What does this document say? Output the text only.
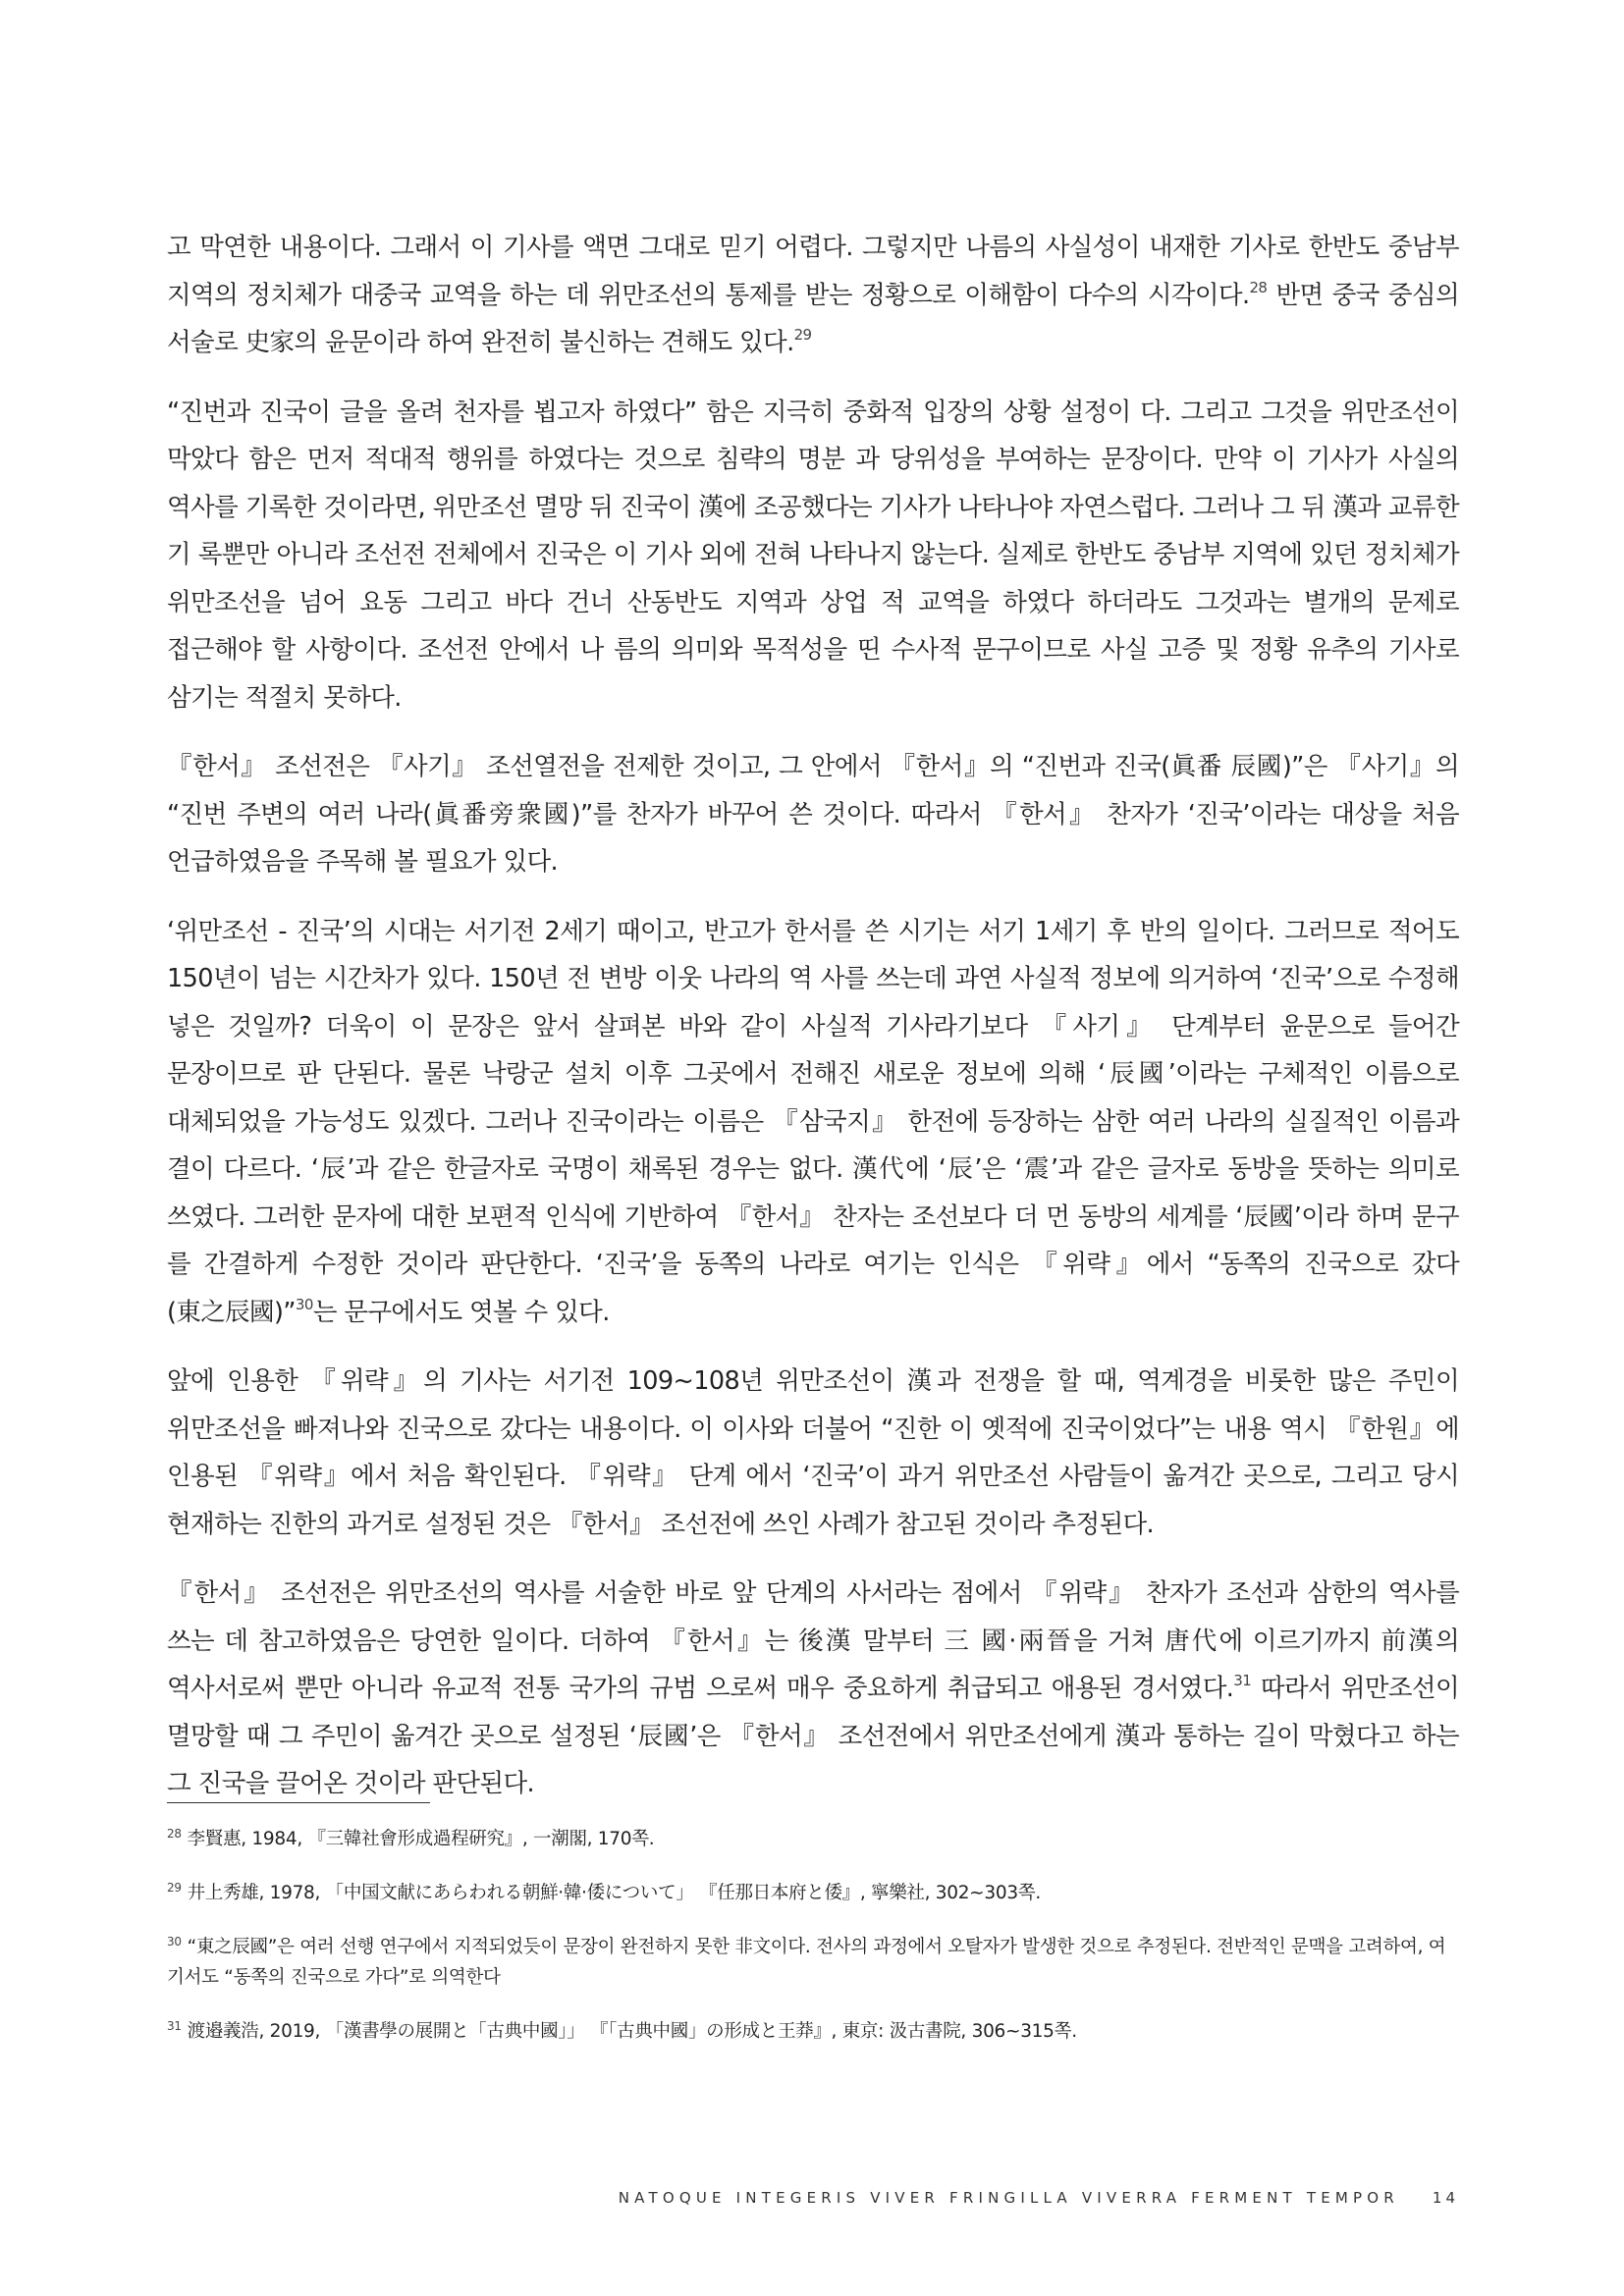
고 막연한 내용이다. 그래서 이 기사를 액면 그대로 믿기 어렵다. 그렇지만 나름의 사실성이 내재한 기사로 한반도 중남부 지역의 정치체가 대중국 교역을 하는 데 위만조선의 통제를 받는 정황으로 이해함이 다수의 시각이다.$^{28}$ 반면 중국 중심의 서술로 史家의 윤문이라 하여 완전히 불신하는 견해도 있다.$^{29}$

“진번과 진국이 글을 올려 천자를 뵙고자 하였다” 함은 지극히 중화적 입장의 상황 설정이 다. 그리고 그것을 위만조선이 막았다 함은 먼저 적대적 행위를 하였다는 것으로 침략의 명분 과 당위성을 부여하는 문장이다. 만약 이 기사가 사실의 역사를 기록한 것이라면, 위만조선 멸망 뒤 진국이 漢에 조공했다는 기사가 나타나야 자연스럽다. 그러나 그 뒤 漢과 교류한 기 록뿐만 아니라 조선전 전체에서 진국은 이 기사 외에 전혀 나타나지 않는다. 실제로 한반도 중남부 지역에 있던 정치체가 위만조선을 넘어 요동 그리고 바다 건너 산동반도 지역과 상업 적 교역을 하였다 하더라도 그것과는 별개의 문제로 접근해야 할 사항이다. 조선전 안에서 나 름의 의미와 목적성을 띤 수사적 문구이므로 사실 고증 및 정황 유추의 기사로 삼기는 적절치 못하다.

『한서』 조선전은 『사기』 조선열전을 전제한 것이고, 그 안에서 『한서』의 “진번과 진국(眞番 辰國)”은 『사기』의 “진번 주변의 여러 나라(眞番旁衆國)”를 찬자가 바꾸어 쓴 것이다. 따라서 『한서』 찬자가 ‘진국’이라는 대상을 처음 언급하였음을 주목해 볼 필요가 있다.

‘위만조선 - 진국’의 시대는 서기전 2세기 때이고, 반고가 한서를 쓴 시기는 서기 1세기 후 반의 일이다. 그러므로 적어도 150년이 넘는 시간차가 있다. 150년 전 변방 이웃 나라의 역 사를 쓰는데 과연 사실적 정보에 의거하여 ‘진국’으로 수정해 넣은 것일까? 더욱이 이 문장은 앞서 살펴본 바와 같이 사실적 기사라기보다 『사기』 단계부터 윤문으로 들어간 문장이므로 판 단된다. 물론 낙랑군 설치 이후 그곳에서 전해진 새로운 정보에 의해 ‘辰國’이라는 구체적인 이름으로 대체되었을 가능성도 있겠다. 그러나 진국이라는 이름은 『삼국지』 한전에 등장하는 삼한 여러 나라의 실질적인 이름과 결이 다르다. ‘辰’과 같은 한글자로 국명이 채록된 경우는 없다. 漢代에 ‘辰’은 ‘震’과 같은 글자로 동방을 뜻하는 의미로 쓰였다. 그러한 문자에 대한 보편적 인식에 기반하여 『한서』 찬자는 조선보다 더 먼 동방의 세계를 ‘辰國’이라 하며 문구 를 간결하게 수정한 것이라 판단한다. ‘진국’을 동쪽의 나라로 여기는 인식은 『위략』에서 “동쪽의 진국으로 갔다(東之辰國)”$^{30}$는 문구에서도 엿볼 수 있다.

앞에 인용한 『위략』의 기사는 서기전 109~108년 위만조선이 漢과 전쟁을 할 때, 역계경을 비롯한 많은 주민이 위만조선을 빠져나와 진국으로 갔다는 내용이다. 이 이사와 더불어 “진한 이 옛적에 진국이었다”는 내용 역시 『한원』에 인용된 『위략』에서 처음 확인된다. 『위략』 단계 에서 ‘진국’이 과거 위만조선 사람들이 옮겨간 곳으로, 그리고 당시 현재하는 진한의 과거로 설정된 것은 『한서』 조선전에 쓰인 사례가 참고된 것이라 추정된다.

『한서』 조선전은 위만조선의 역사를 서술한 바로 앞 단계의 사서라는 점에서 『위략』 찬자가 조선과 삼한의 역사를 쓰는 데 참고하였음은 당연한 일이다. 더하여 『한서』는 後漢 말부터 三 國·兩晉을 거쳐 唐代에 이르기까지 前漢의 역사서로써 뿐만 아니라 유교적 전통 국가의 규범 으로써 매우 중요하게 취급되고 애용된 경서였다.$^{31}$ 따라서 위만조선이 멸망할 때 그 주민이 옮겨간 곳으로 설정된 ‘辰國’은 『한서』 조선전에서 위만조선에게 漢과 통하는 길이 막혔다고 하는 그 진국을 끌어온 것이라 판단된다.

$^{28}$ 李賢惠, 1984, 『三韓社會形成過程硏究』, 一潮閣, 170쪽.

$^{29}$ 井上秀雄, 1978, 「中国文献にあらわれる朝鮮·韓·倭について」 『任那日本府と倭』, 寧樂社, 302~303쪽.

$^{30}$ “東之辰國”은 여러 선행 연구에서 지적되었듯이 문장이 완전하지 못한 非文이다. 전사의 과정에서 오탈자가 발생한 것으로 추정된다. 전반적인 문맥을 고려하여, 여기서도 “동쪽의 진국으로 가다”로 의역한다

$^{31}$ 渡邉義浩, 2019, 「漢書學の展開と「古典中國」」 『「古典中國」の形成と王莽』, 東京: 汲古書院, 306~315쪽.

NATOQUE INTEGERIS VIVER FRINGILLA VIVERRA FERMENT TEMPOR 14
